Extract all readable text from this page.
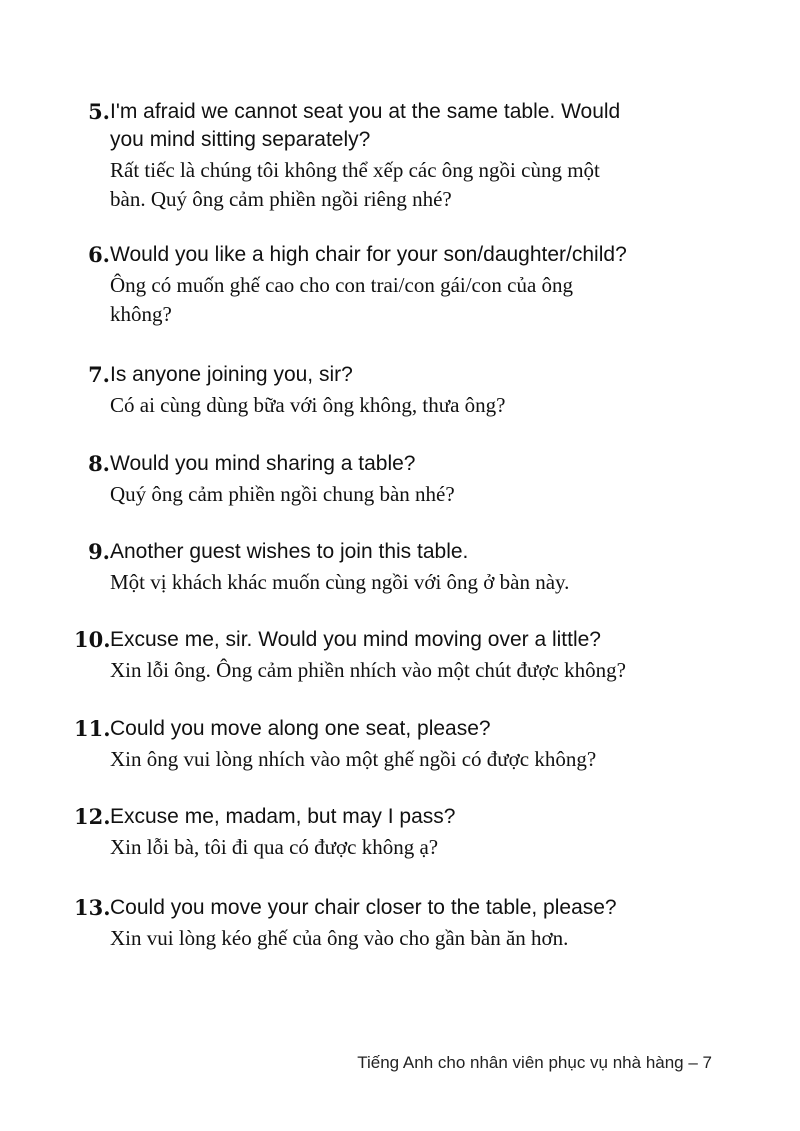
5. I'm afraid we cannot seat you at the same table. Would
you mind sitting separately?
Rất tiếc là chúng tôi không thể xếp các ông ngồi cùng một
bàn. Quý ông cảm phiền ngồi riêng nhé?
6. Would you like a high chair for your son/daughter/child?
Ông có muốn ghế cao cho con trai/con gái/con của ông
không?
7. Is anyone joining you, sir?
Có ai cùng dùng bữa với ông không, thưa ông?
8. Would you mind sharing a table?
Quý ông cảm phiền ngồi chung bàn nhé?
9. Another guest wishes to join this table.
Một vị khách khác muốn cùng ngồi với ông ở bàn này.
10. Excuse me, sir. Would you mind moving over a little?
Xin lỗi ông. Ông cảm phiền nhích vào một chút được không?
11. Could you move along one seat, please?
Xin ông vui lòng nhích vào một ghế ngồi có được không?
12. Excuse me, madam, but may I pass?
Xin lỗi bà, tôi đi qua có được không ạ?
13. Could you move your chair closer to the table, please?
Xin vui lòng kéo ghế của ông vào cho gần bàn ăn hơn.
Tiếng Anh cho nhân viên phục vụ nhà hàng – 7
